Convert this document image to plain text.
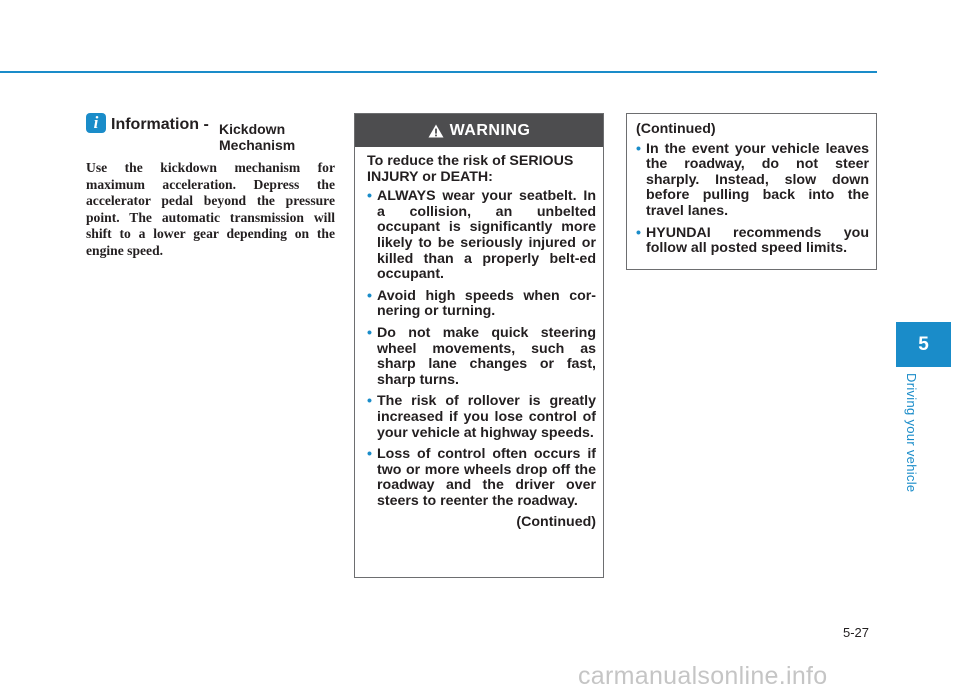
i Information - Kickdown Mechanism
Use the kickdown mechanism for maximum acceleration. Depress the accelerator pedal beyond the pressure point. The automatic transmission will shift to a lower gear depending on the engine speed.
WARNING
To reduce the risk of SERIOUS INJURY or DEATH:
• ALWAYS wear your seatbelt. In a collision, an unbelted occupant is significantly more likely to be seriously injured or killed than a properly belt-ed occupant.
• Avoid high speeds when cor-nering or turning.
• Do not make quick steering wheel movements, such as sharp lane changes or fast, sharp turns.
• The risk of rollover is greatly increased if you lose control of your vehicle at highway speeds.
• Loss of control often occurs if two or more wheels drop off the roadway and the driver over steers to reenter the roadway.
(Continued)
(Continued)
• In the event your vehicle leaves the roadway, do not steer sharply. Instead, slow down before pulling back into the travel lanes.
• HYUNDAI recommends you follow all posted speed limits.
5
Driving your vehicle
5-27
carmanualsonline.info
